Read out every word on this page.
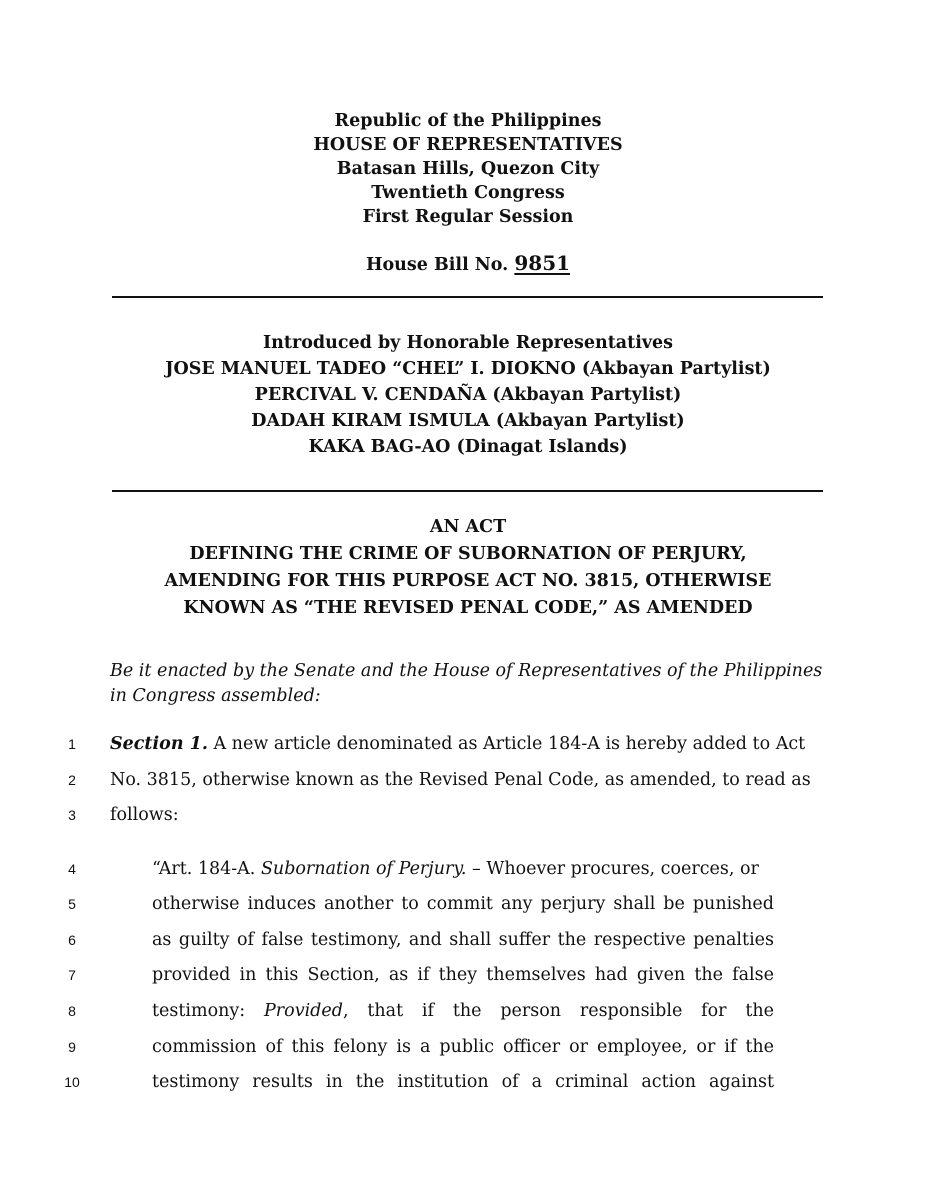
Republic of the Philippines
HOUSE OF REPRESENTATIVES
Batasan Hills, Quezon City
Twentieth Congress
First Regular Session
House Bill No. 9851
Introduced by Honorable Representatives
JOSE MANUEL TADEO “CHEL” I. DIOKNO (Akbayan Partylist)
PERCIVAL V. CENDAÑA (Akbayan Partylist)
DADAH KIRAM ISMULA (Akbayan Partylist)
KAKA BAG-AO (Dinagat Islands)
AN ACT
DEFINING THE CRIME OF SUBORNATION OF PERJURY,
AMENDING FOR THIS PURPOSE ACT NO. 3815, OTHERWISE
KNOWN AS “THE REVISED PENAL CODE,” AS AMENDED
Be it enacted by the Senate and the House of Representatives of the Philippines
in Congress assembled:
1
2
3
4
5
6
7
8
9
10
Section 1. A new article denominated as Article 184-A is hereby added to Act
No. 3815, otherwise known as the Revised Penal Code, as amended, to read as
follows:
“Art. 184-A. Subornation of Perjury. – Whoever procures, coerces, or
otherwise induces another to commit any perjury shall be punished
as guilty of false testimony, and shall suffer the respective penalties
provided in this Section, as if they themselves had given the false
testimony: Provided, that if the person responsible for the
commission of this felony is a public officer or employee, or if the
testimony results in the institution of a criminal action against
